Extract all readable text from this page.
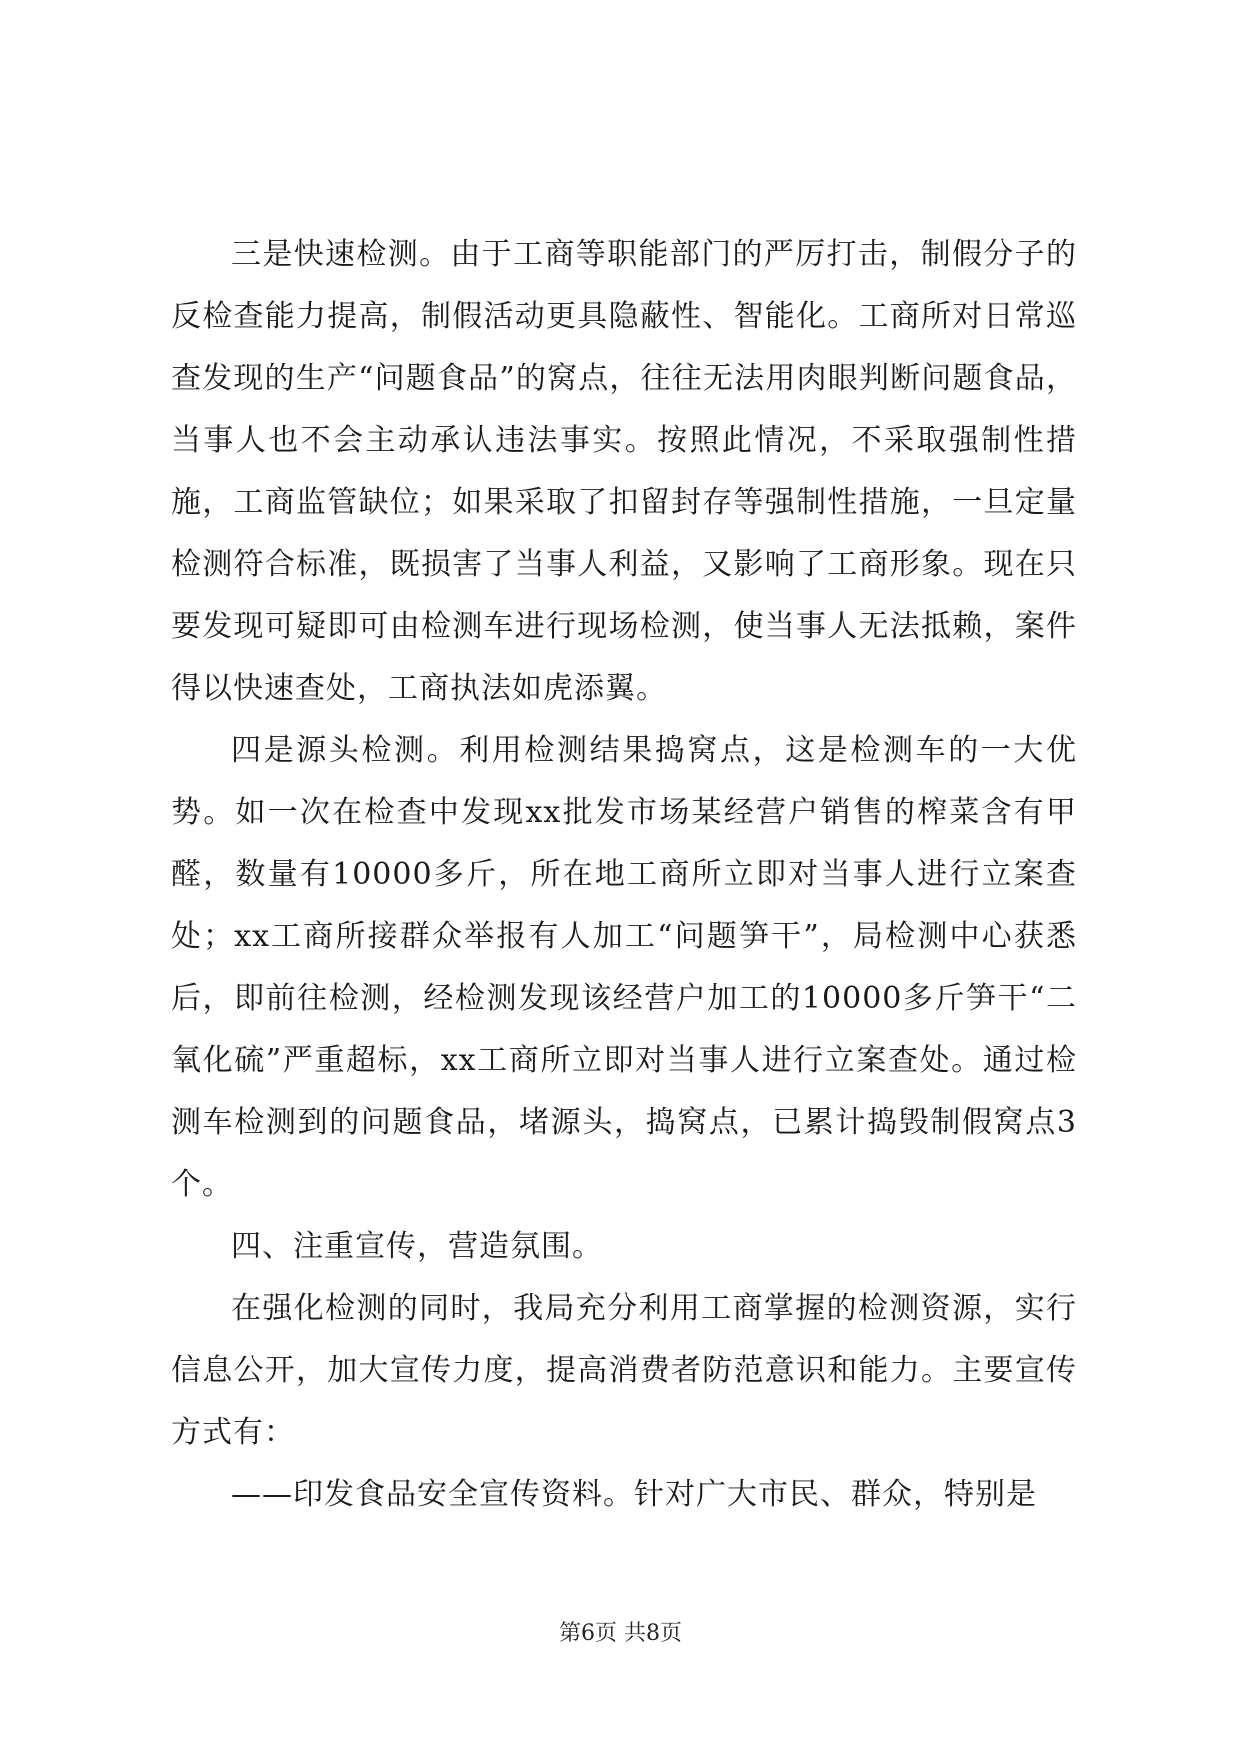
三是快速检测。由于工商等职能部门的严厉打击，制假分子的反检查能力提高，制假活动更具隐蔽性、智能化。工商所对日常巡查发现的生产“问题食品”的窝点，往往无法用肉眼判断问题食品，当事人也不会主动承认违法事实。按照此情况，不采取强制性措施，工商监管缺位；如果采取了扣留封存等强制性措施，一旦定量检测符合标准，既损害了当事人利益，又影响了工商形象。现在只要发现可疑即可由检测车进行现场检测，使当事人无法抵赖，案件得以快速查处，工商执法如虎添翼。

四是源头检测。利用检测结果捣窝点，这是检测车的一大优势。如一次在检查中发现xx批发市场某经营户销售的榨菜含有甲醛，数量有10000多斤，所在地工商所立即对当事人进行立案查处；xx工商所接群众举报有人加工“问题笋干”，局检测中心获悉后，即前往检测，经检测发现该经营户加工的10000多斤笋干“二氧化硫”严重超标，xx工商所立即对当事人进行立案查处。通过检测车检测到的问题食品，堵源头，捣窝点，已累计捣毁制假窝点3个。

四、注重宣传，营造氛围。

在强化检测的同时，我局充分利用工商掌握的检测资源，实行信息公开，加大宣传力度，提高消费者防范意识和能力。主要宣传方式有：

——印发食品安全宣传资料。针对广大市民、群众，特别是

第6页 共8页
